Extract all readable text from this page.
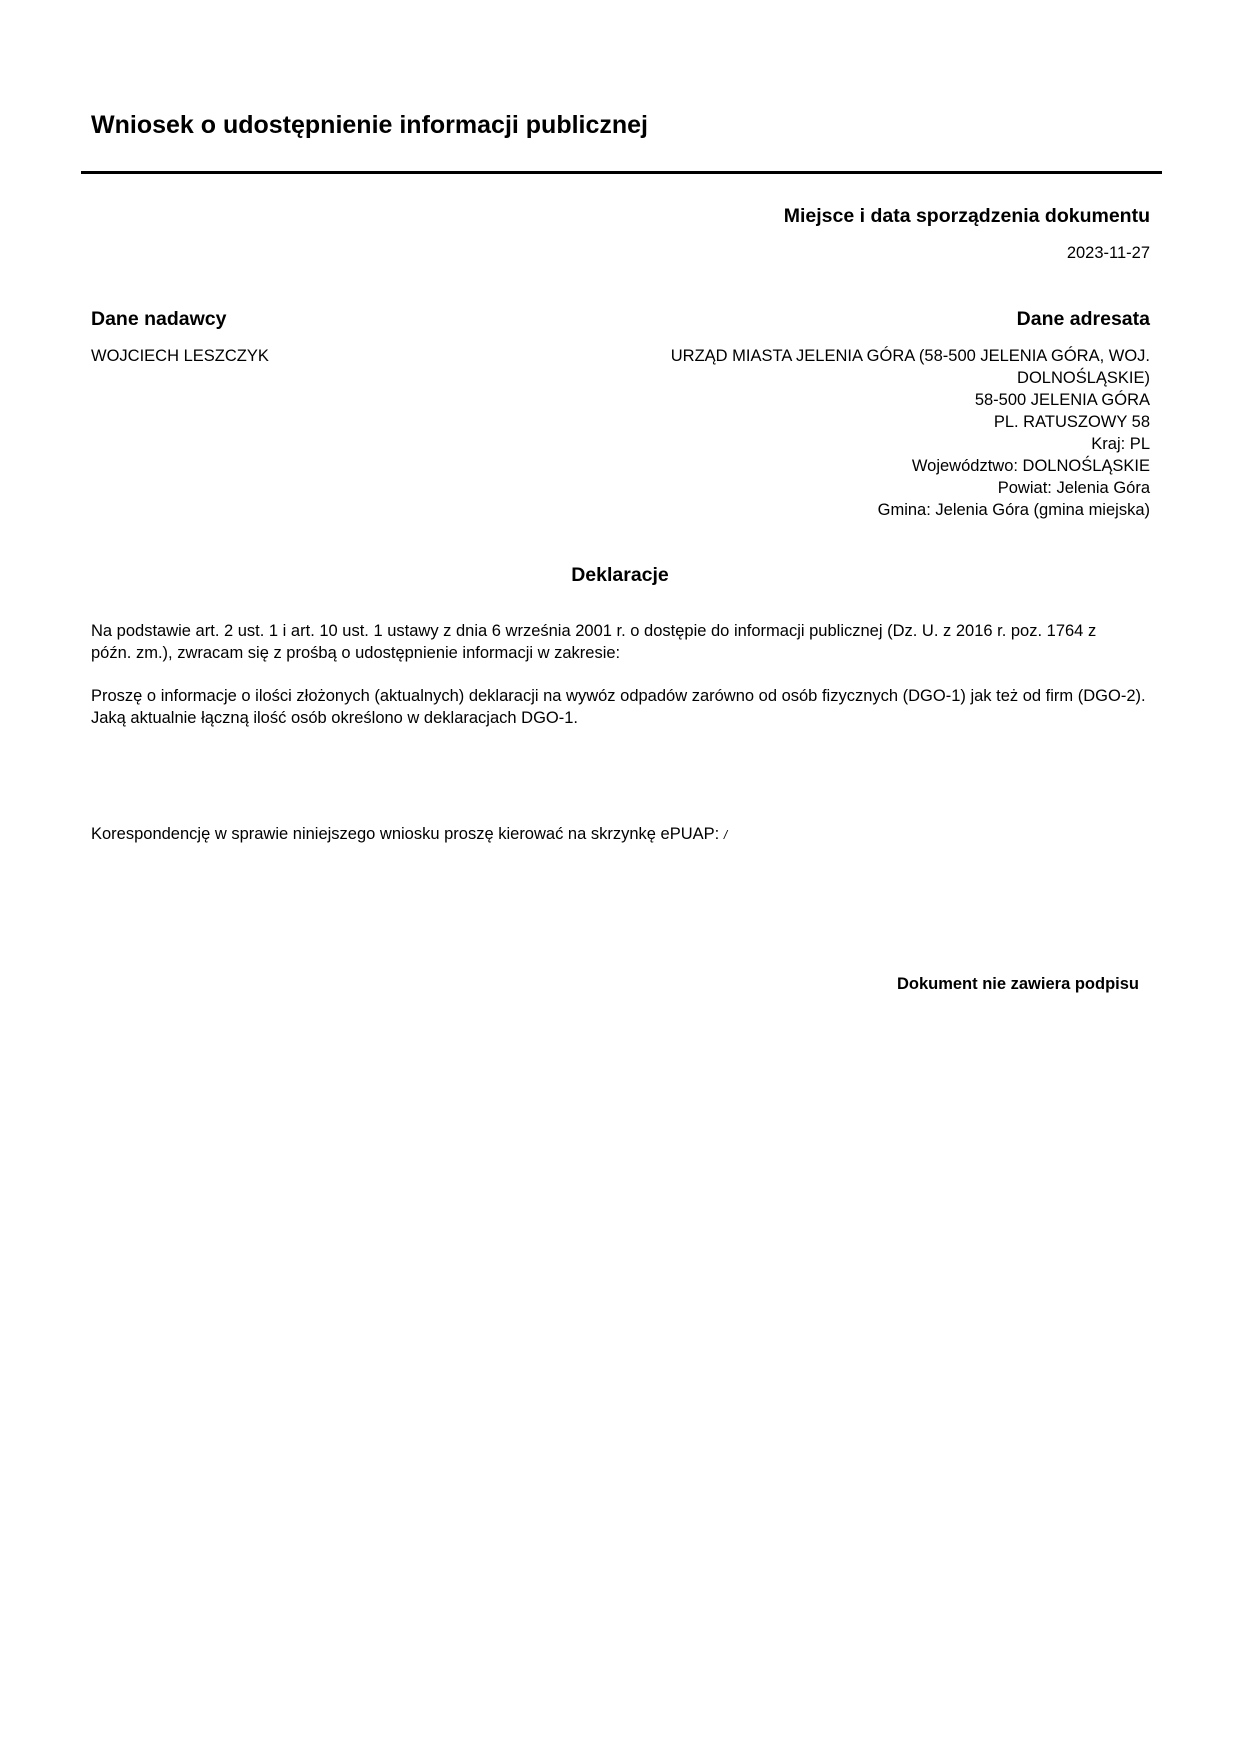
Wniosek o udostępnienie informacji publicznej
Miejsce i data sporządzenia dokumentu
2023-11-27
Dane nadawcy
WOJCIECH LESZCZYK
Dane adresata
URZĄD MIASTA JELENIA GÓRA (58-500 JELENIA GÓRA, WOJ. DOLNOŚLĄSKIE)
58-500 JELENIA GÓRA
PL. RATUSZOWY 58
Kraj: PL
Województwo: DOLNOŚLĄSKIE
Powiat: Jelenia Góra
Gmina: Jelenia Góra (gmina miejska)
Deklaracje

Na podstawie art. 2 ust. 1 i art. 10 ust. 1 ustawy z dnia 6 września 2001 r. o dostępie do informacji publicznej (Dz. U. z 2016 r. poz. 1764 z późn. zm.), zwracam się z prośbą o udostępnienie informacji w zakresie:

Proszę o informacje o ilości złożonych (aktualnych) deklaracji na wywóz odpadów zarówno od osób fizycznych (DGO-1) jak też od firm (DGO-2).
Jaką aktualnie łączną ilość osób określono w deklaracjach DGO-1.
Korespondencję w sprawie niniejszego wniosku proszę kierować na skrzynkę ePUAP: /
Dokument nie zawiera podpisu
